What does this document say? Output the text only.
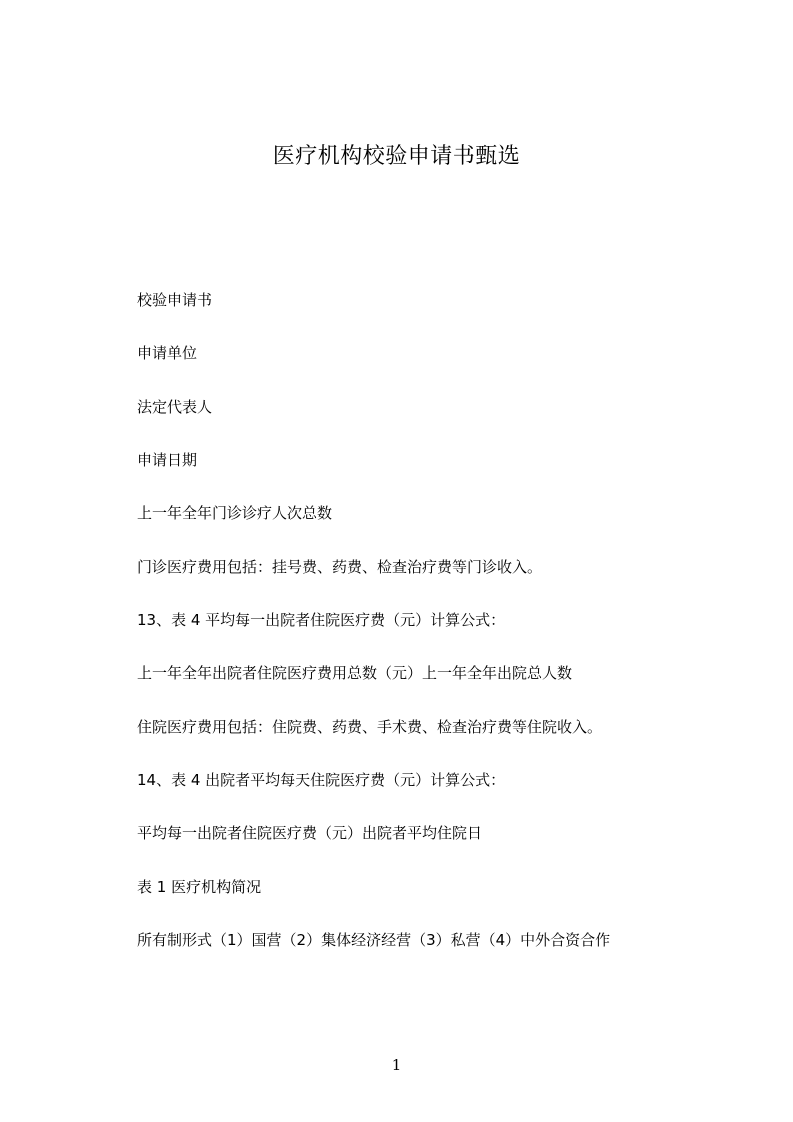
医疗机构校验申请书甄选

校验申请书

申请单位

法定代表人

申请日期

上一年全年门诊诊疗人次总数

门诊医疗费用包括：挂号费、药费、检查治疗费等门诊收入。

13、表 4 平均每一出院者住院医疗费（元）计算公式：

上一年全年出院者住院医疗费用总数（元）上一年全年出院总人数

住院医疗费用包括：住院费、药费、手术费、检查治疗费等住院收入。

14、表 4 出院者平均每天住院医疗费（元）计算公式：

平均每一出院者住院医疗费（元）出院者平均住院日

表 1 医疗机构简况

所有制形式（1）国营（2）集体经济经营（3）私营（4）中外合资合作

1
